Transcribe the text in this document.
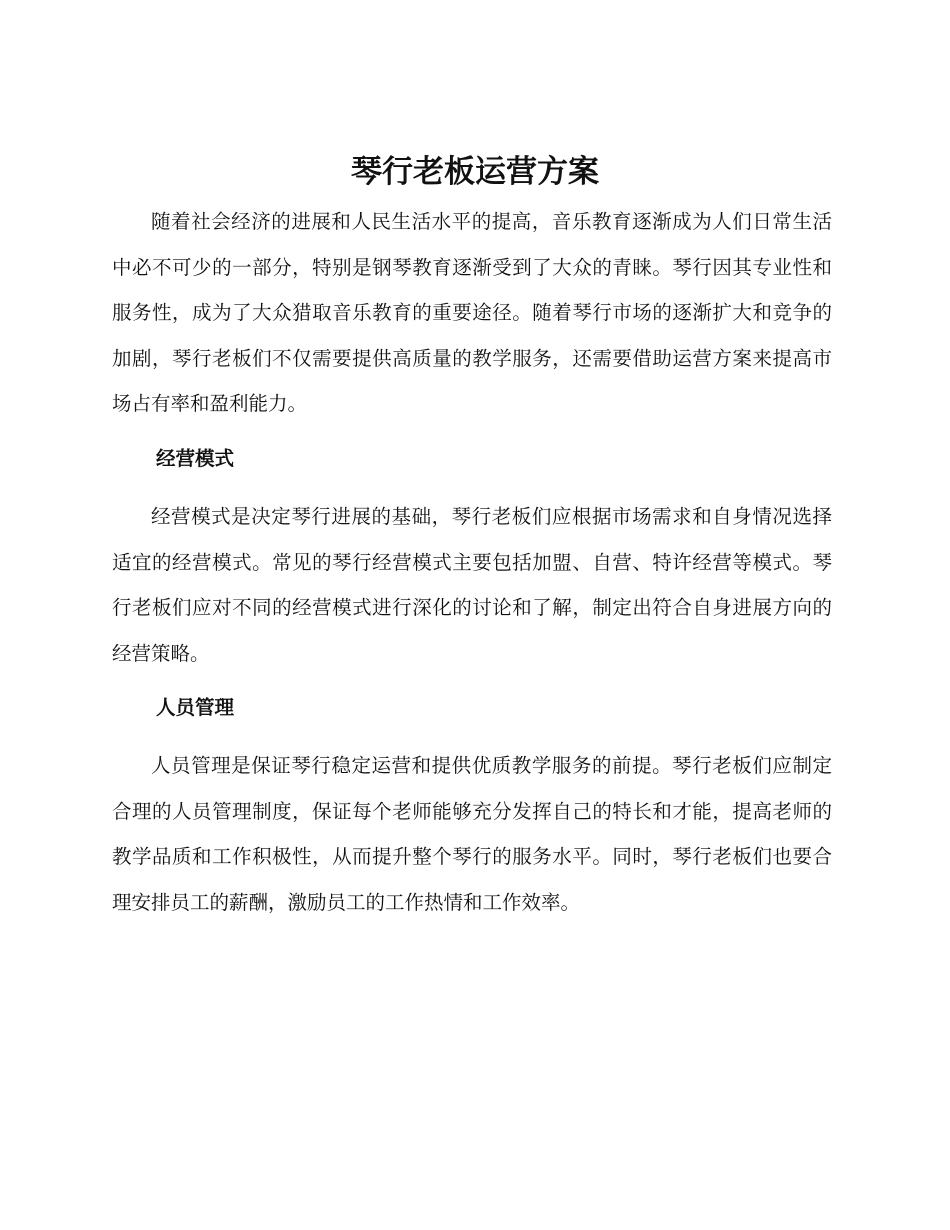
琴行老板运营方案

随着社会经济的进展和人民生活水平的提高，音乐教育逐渐成为人们日常生活中必不可少的一部分，特别是钢琴教育逐渐受到了大众的青睐。琴行因其专业性和服务性，成为了大众猎取音乐教育的重要途径。随着琴行市场的逐渐扩大和竞争的加剧，琴行老板们不仅需要提供高质量的教学服务，还需要借助运营方案来提高市场占有率和盈利能力。

经营模式

经营模式是决定琴行进展的基础，琴行老板们应根据市场需求和自身情况选择适宜的经营模式。常见的琴行经营模式主要包括加盟、自营、特许经营等模式。琴行老板们应对不同的经营模式进行深化的讨论和了解，制定出符合自身进展方向的经营策略。

人员管理

人员管理是保证琴行稳定运营和提供优质教学服务的前提。琴行老板们应制定合理的人员管理制度，保证每个老师能够充分发挥自己的特长和才能，提高老师的教学品质和工作积极性，从而提升整个琴行的服务水平。同时，琴行老板们也要合理安排员工的薪酬，激励员工的工作热情和工作效率。
